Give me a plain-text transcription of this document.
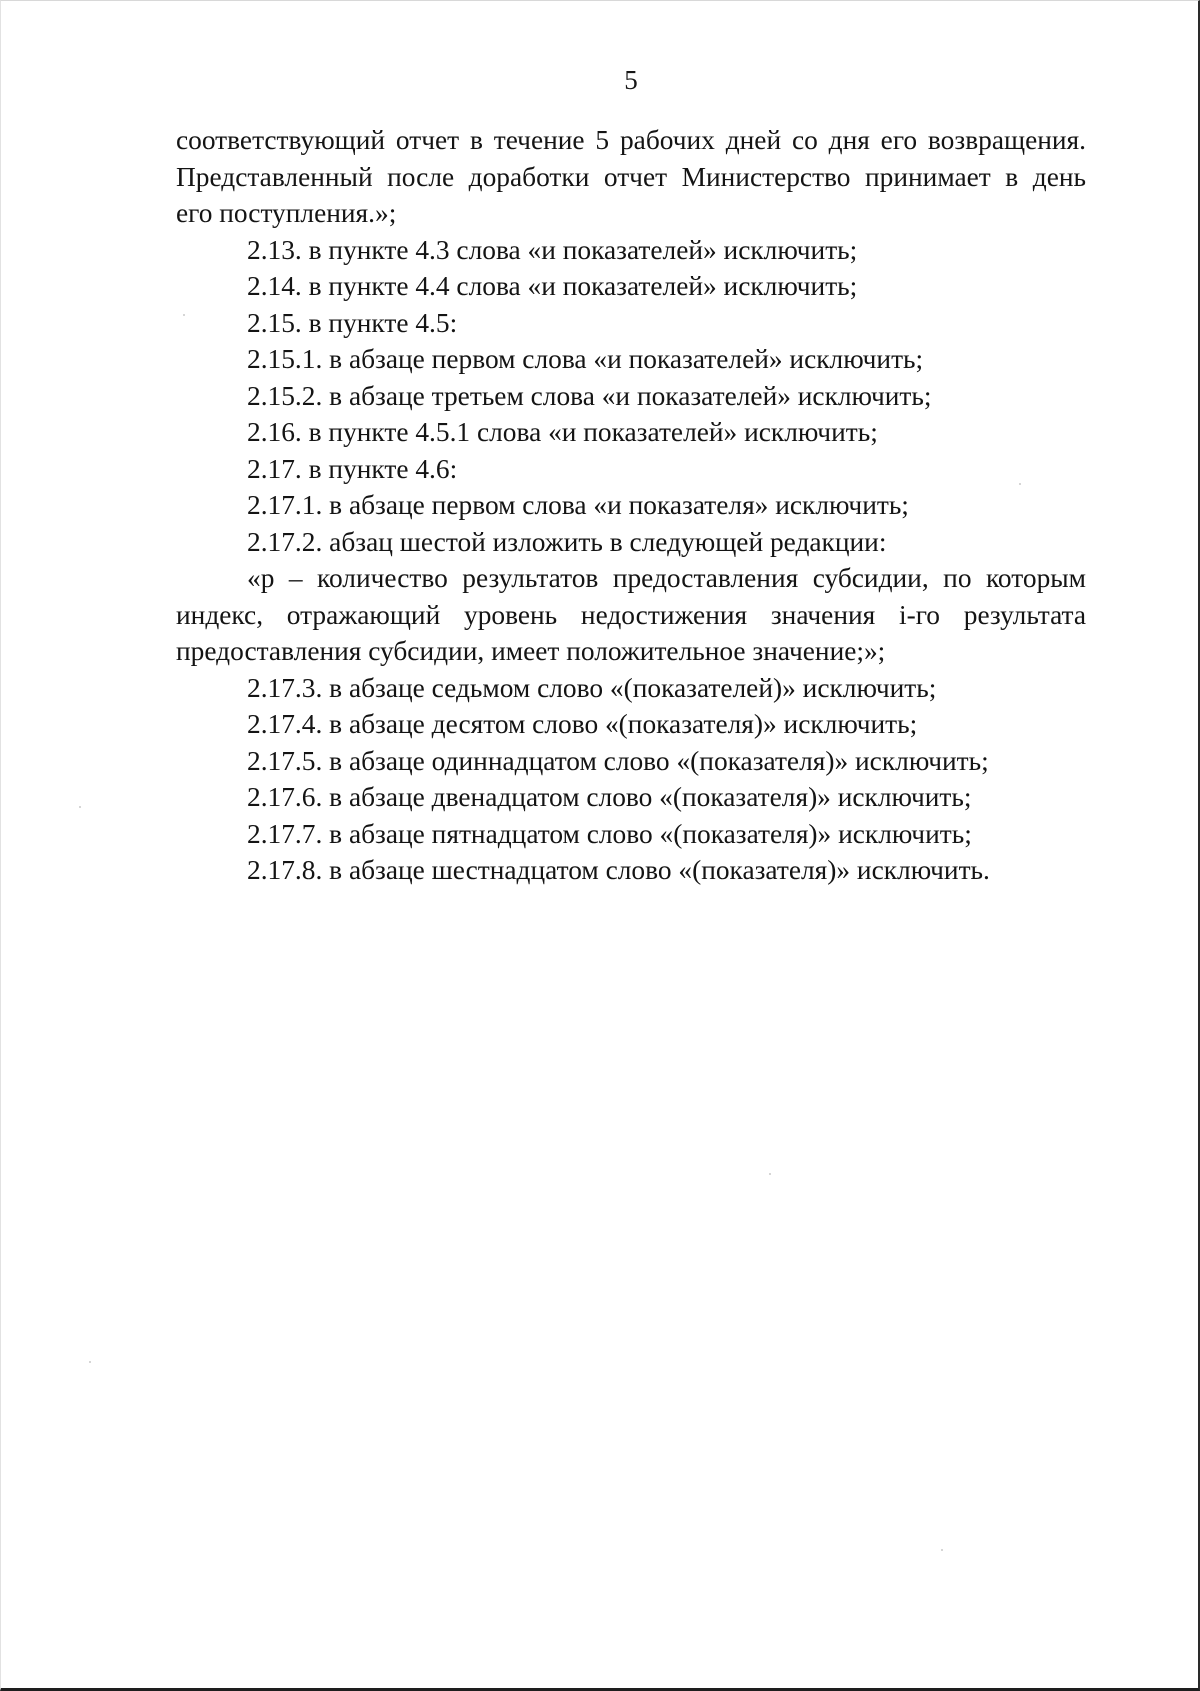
5
соответствующий отчет в течение 5 рабочих дней со дня его возвращения.
Представленный после доработки отчет Министерство принимает в день
его поступления.»;

2.13. в пункте 4.3 слова «и показателей» исключить;

2.14. в пункте 4.4 слова «и показателей» исключить;

2.15. в пункте 4.5:

2.15.1. в абзаце первом слова «и показателей» исключить;

2.15.2. в абзаце третьем слова «и показателей» исключить;

2.16. в пункте 4.5.1 слова «и показателей» исключить;

2.17. в пункте 4.6:

2.17.1. в абзаце первом слова «и показателя» исключить;

2.17.2. абзац шестой изложить в следующей редакции:

«р – количество результатов предоставления субсидии, по которым
индекс, отражающий уровень недостижения значения i-го результата
предоставления субсидии, имеет положительное значение;»;

2.17.3. в абзаце седьмом слово «(показателей)» исключить;

2.17.4. в абзаце десятом слово «(показателя)» исключить;

2.17.5. в абзаце одиннадцатом слово «(показателя)» исключить;

2.17.6. в абзаце двенадцатом слово «(показателя)» исключить;

2.17.7. в абзаце пятнадцатом слово «(показателя)» исключить;

2.17.8. в абзаце шестнадцатом слово «(показателя)» исключить.
